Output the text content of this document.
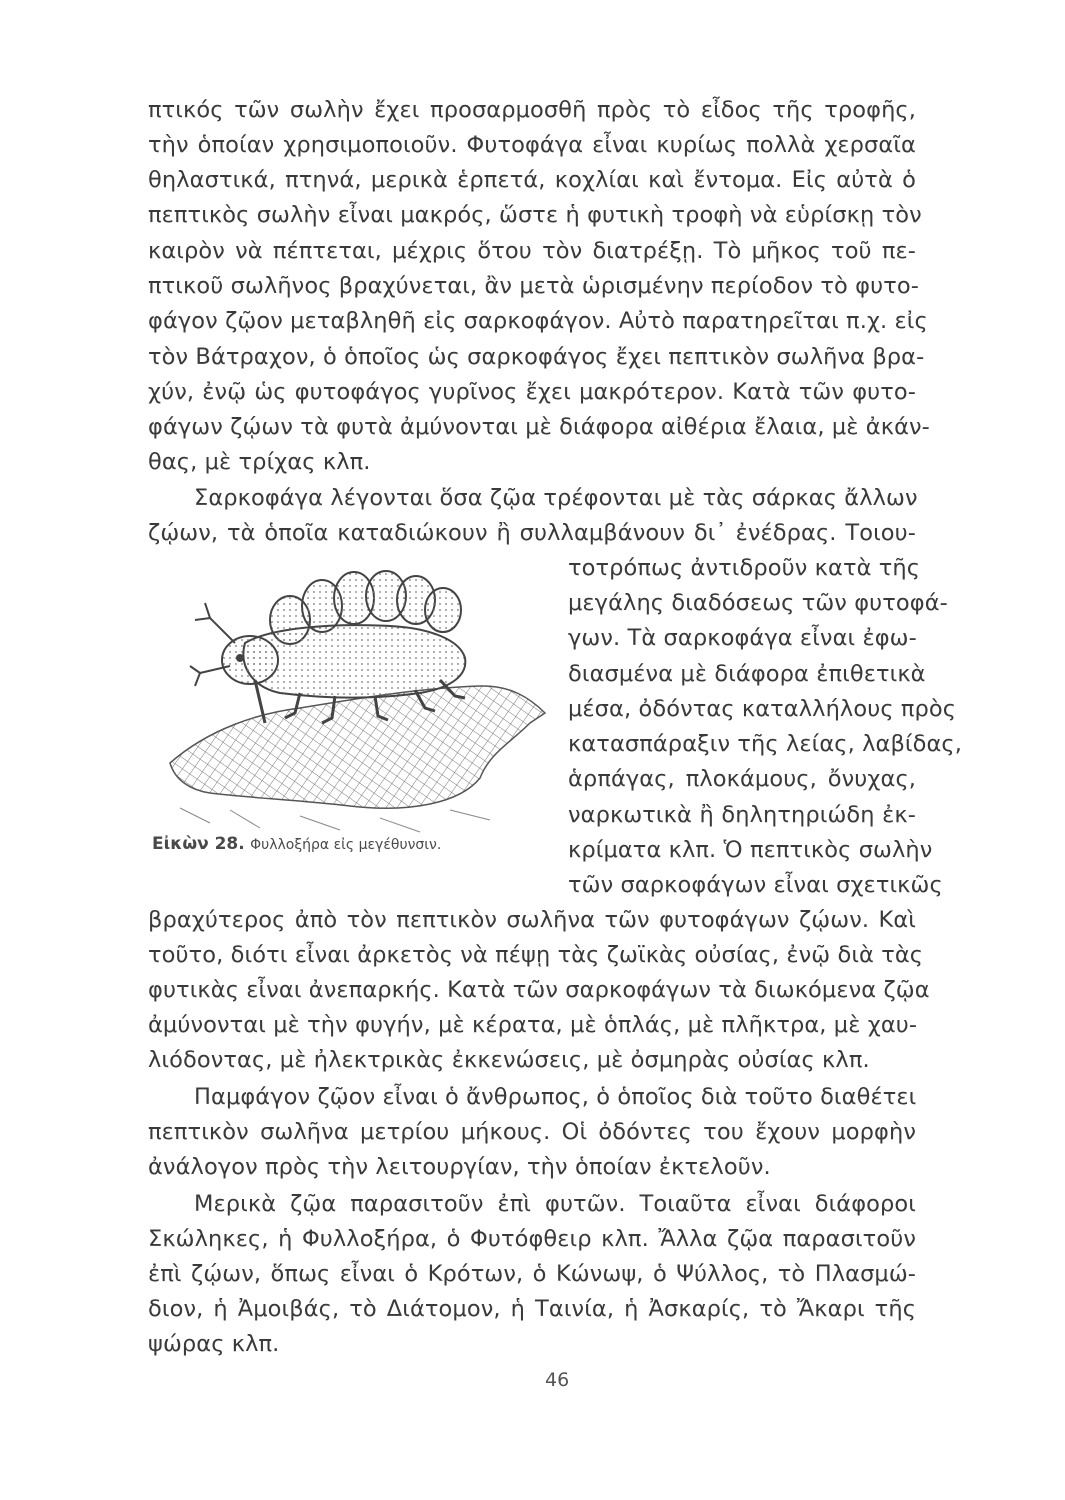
πτικός τῶν σωλὴν ἔχει προσαρμοσθῆ πρὸς τὸ εἶδος τῆς τροφῆς,
τὴν ὁποίαν χρησιμοποιοῦν. Φυτοφάγα εἶναι κυρίως πολλὰ χερσαῖα
θηλαστικά, πτηνά, μερικὰ ἑρπετά, κοχλίαι καὶ ἔντομα. Εἰς αὐτὰ ὁ
πεπτικὸς σωλὴν εἶναι μακρός, ὥστε ἡ φυτικὴ τροφὴ νὰ εὑρίσκῃ τὸν
καιρὸν νὰ πέπτεται, μέχρις ὅτου τὸν διατρέξῃ. Τὸ μῆκος τοῦ πε-
πτικοῦ σωλῆνος βραχύνεται, ἂν μετὰ ὡρισμένην περίοδον τὸ φυτο-
φάγον ζῷον μεταβληθῆ εἰς σαρκοφάγον. Αὐτὸ παρατηρεῖται π.χ. εἰς
τὸν Βάτραχον, ὁ ὁποῖος ὡς σαρκοφάγος ἔχει πεπτικὸν σωλῆνα βρα-
χύν, ἐνῷ ὡς φυτοφάγος γυρῖνος ἔχει μακρότερον. Κατὰ τῶν φυτο-
φάγων ζῴων τὰ φυτὰ ἀμύνονται μὲ διάφορα αἰθέρια ἔλαια, μὲ ἀκάν-
θας, μὲ τρίχας κλπ.
Σαρκοφάγα λέγονται ὅσα ζῷα τρέφονται μὲ τὰς σάρκας ἄλλων
ζῴων, τὰ ὁποῖα καταδιώκουν ἢ συλλαμβάνουν δι᾽ ἐνέδρας. Τοιου-
τοτρόπως ἀντιδροῦν κατὰ τῆς
μεγάλης διαδόσεως τῶν φυτοφά-
γων. Τὰ σαρκοφάγα εἶναι ἐφω-
διασμένα μὲ διάφορα ἐπιθετικὰ
μέσα, ὀδόντας καταλλήλους πρὸς
κατασπάραξιν τῆς λείας, λαβίδας,
ἁρπάγας, πλοκάμους, ὄνυχας,
ναρκωτικὰ ἢ δηλητηριώδη ἐκ-
κρίματα κλπ. Ὁ πεπτικὸς σωλὴν
τῶν σαρκοφάγων εἶναι σχετικῶς
βραχύτερος ἀπὸ τὸν πεπτικὸν σωλῆνα τῶν φυτοφάγων ζῴων. Καὶ
τοῦτο, διότι εἶναι ἀρκετὸς νὰ πέψῃ τὰς ζωϊκὰς οὐσίας, ἐνῷ διὰ τὰς
φυτικὰς εἶναι ἀνεπαρκής. Κατὰ τῶν σαρκοφάγων τὰ διωκόμενα ζῷα
ἀμύνονται μὲ τὴν φυγήν, μὲ κέρατα, μὲ ὁπλάς, μὲ πλῆκτρα, μὲ χαυ-
λιόδοντας, μὲ ἠλεκτρικὰς ἐκκενώσεις, μὲ ὀσμηρὰς οὐσίας κλπ.
Παμφάγον ζῷον εἶναι ὁ ἄνθρωπος, ὁ ὁποῖος διὰ τοῦτο διαθέτει
πεπτικὸν σωλῆνα μετρίου μήκους. Οἱ ὀδόντες του ἔχουν μορφὴν
ἀνάλογον πρὸς τὴν λειτουργίαν, τὴν ὁποίαν ἐκτελοῦν.
Μερικὰ ζῷα παρασιτοῦν ἐπὶ φυτῶν. Τοιαῦτα εἶναι διάφοροι
Σκώληκες, ἡ Φυλλοξήρα, ὁ Φυτόφθειρ κλπ. Ἄλλα ζῷα παρασιτοῦν
ἐπὶ ζῴων, ὅπως εἶναι ὁ Κρότων, ὁ Κώνωψ, ὁ Ψύλλος, τὸ Πλασμώ-
διον, ἡ Ἀμοιβάς, τὸ Διάτομον, ἡ Ταινία, ἡ Ἀσκαρίς, τὸ Ἄκαρι τῆς
ψώρας κλπ.
Εἰκὼν 28. Φυλλοξήρα εἰς μεγέθυνσιν.
46
